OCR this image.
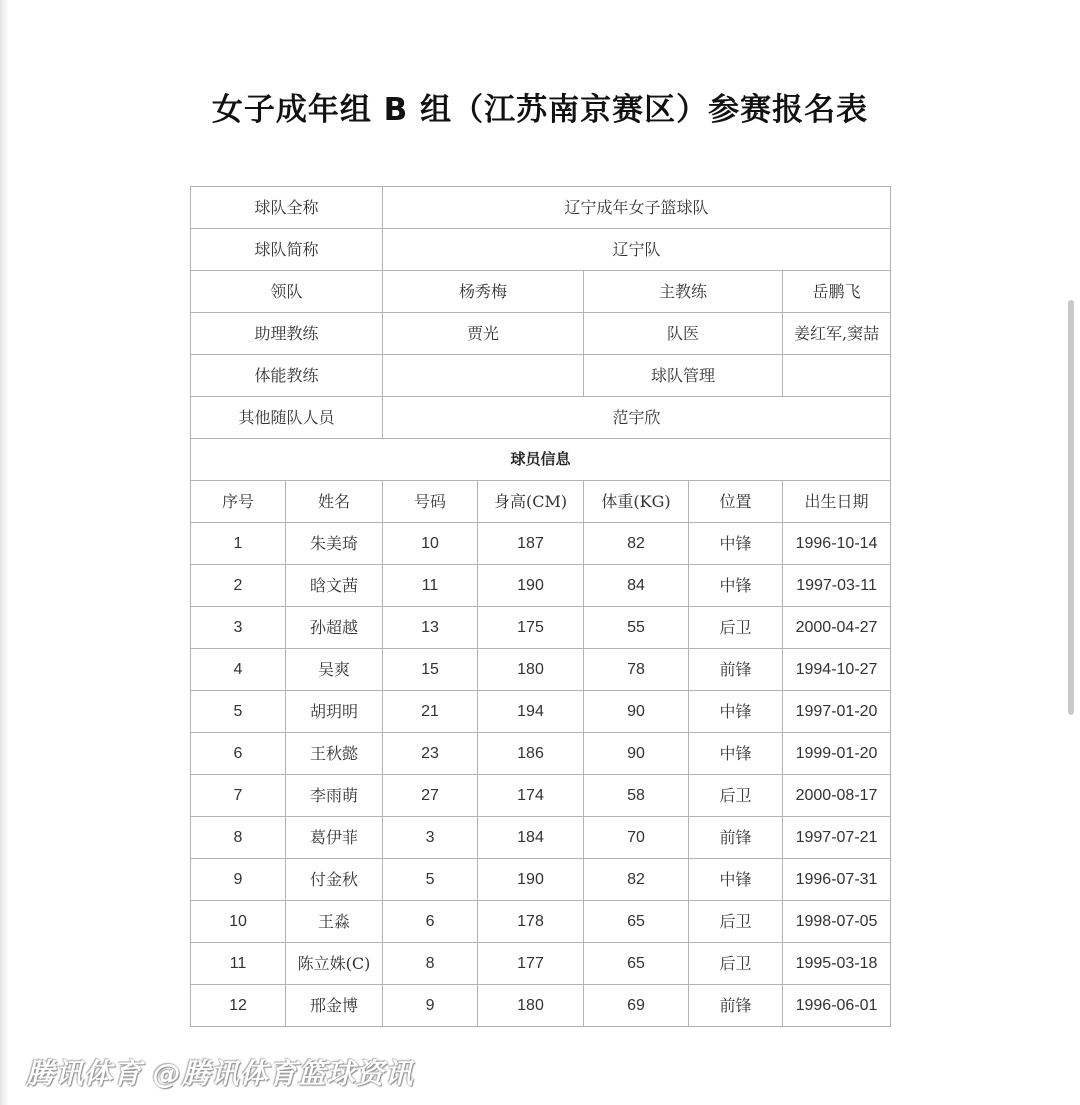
女子成年组 B 组（江苏南京赛区）参赛报名表
球队全称		辽宁成年女子篮球队				
球队简称		辽宁队				
领队		杨秀梅		主教练		岳鹏飞
助理教练		贾光		队医		姜红军,窦喆
体能教练				球队管理		
其他随队人员		范宇欣				
球员信息						
序号	姓名	号码	身高(CM)	体重(KG)	位置	出生日期
1	朱美琦	10	187	82	中锋	1996-10-14
2	晗文茜	11	190	84	中锋	1997-03-11
3	孙超越	13	175	55	后卫	2000-04-27
4	吴爽	15	180	78	前锋	1994-10-27
5	胡玥明	21	194	90	中锋	1997-01-20
6	王秋懿	23	186	90	中锋	1999-01-20
7	李雨萌	27	174	58	后卫	2000-08-17
8	葛伊菲	3	184	70	前锋	1997-07-21
9	付金秋	5	190	82	中锋	1996-07-31
10	王淼	6	178	65	后卫	1998-07-05
11	陈立姝(C)	8	177	65	后卫	1995-03-18
12	邢金博	9	180	69	前锋	1996-06-01
腾讯体育 @腾讯体育篮球资讯
